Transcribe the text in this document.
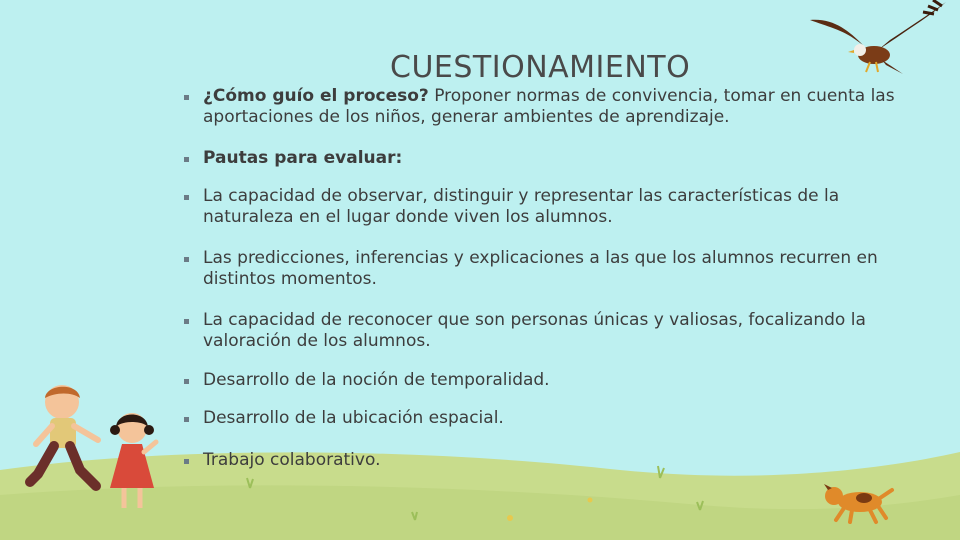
CUESTIONAMIENTO
¿Cómo guío el proceso? Proponer normas de convivencia, tomar en cuenta las aportaciones de los niños, generar ambientes de aprendizaje.
Pautas para evaluar:
La capacidad de observar, distinguir y representar las características de la naturaleza en el lugar donde viven los alumnos.
Las predicciones, inferencias y explicaciones a las que los alumnos recurren en distintos momentos.
La capacidad de reconocer que son personas únicas y valiosas, focalizando la valoración de los alumnos.
Desarrollo de la noción de temporalidad.
Desarrollo de la ubicación espacial.
Trabajo colaborativo.
